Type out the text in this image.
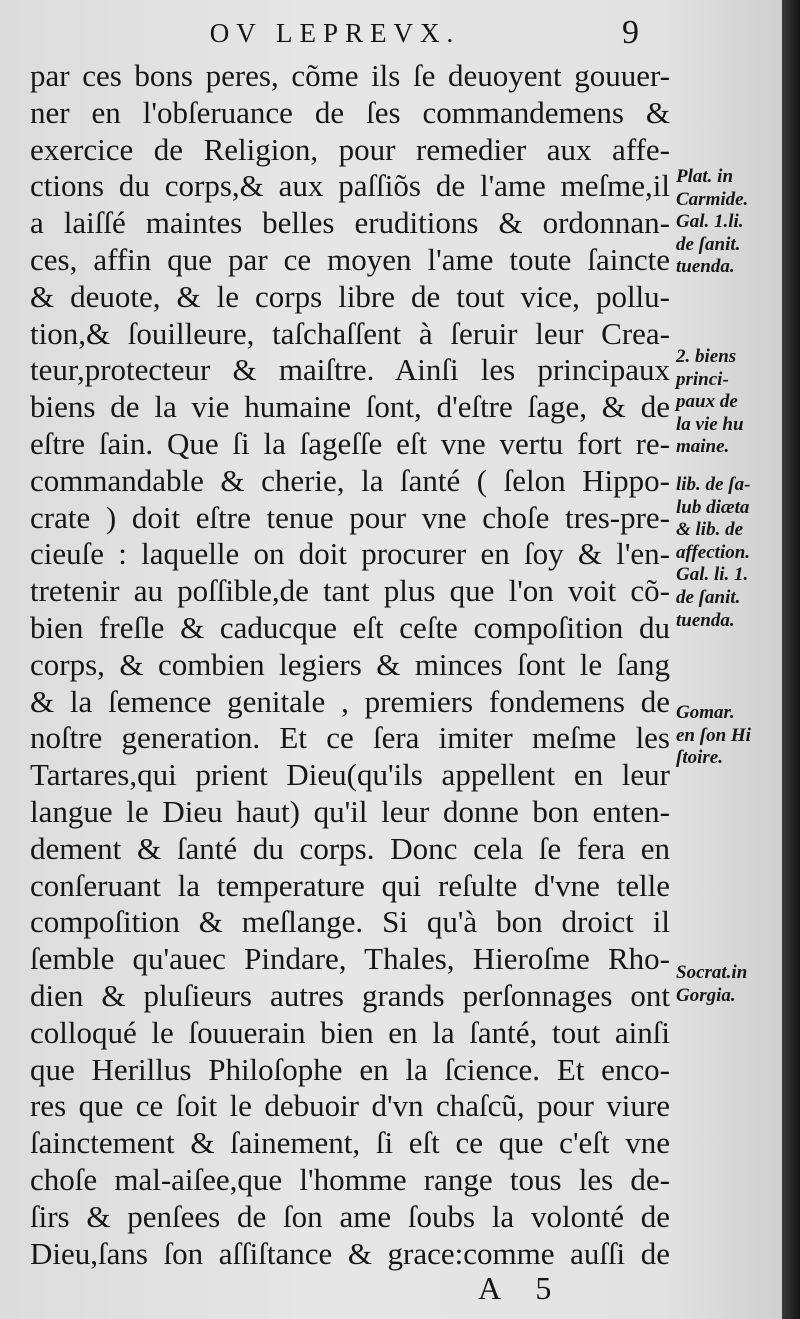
OV LEPREVX.	9
par ces bons peres, cõme ils ſe deuoyent gouuer-
ner en l'obſeruance de ſes commandemens &
exercice de Religion, pour remedier aux affe-
ctions du corps,& aux paſſiõs de l'ame meſme,il
a laiſſé maintes belles eruditions & ordonnan-
ces, affin que par ce moyen l'ame toute ſaincte
& deuote, & le corps libre de tout vice, pollu-
tion,& ſouilleure, taſchaſſent à ſeruir leur Crea-
teur,protecteur & maiſtre. Ainſi les principaux
biens de la vie humaine ſont, d'eſtre ſage, & de
eſtre ſain. Que ſi la ſageſſe eſt vne vertu fort re-
commandable & cherie, la ſanté ( ſelon Hippo-
crate ) doit eſtre tenue pour vne choſe tres-pre-
cieuſe : laquelle on doit procurer en ſoy & l'en-
tretenir au poſſible,de tant plus que l'on voit cõ-
bien freſle & caducque eſt ceſte compoſition du
corps, & combien legiers & minces ſont le ſang
& la ſemence genitale , premiers fondemens de
noſtre generation. Et ce ſera imiter meſme les
Tartares,qui prient Dieu(qu'ils appellent en leur
langue le Dieu haut) qu'il leur donne bon enten-
dement & ſanté du corps. Donc cela ſe fera en
conſeruant la temperature qui reſulte d'vne telle
compoſition & meſlange. Si qu'à bon droict il
ſemble qu'auec Pindare, Thales, Hieroſme Rho-
dien & pluſieurs autres grands perſonnages ont
colloqué le ſouuerain bien en la ſanté, tout ainſi
que Herillus Philoſophe en la ſcience. Et enco-
res que ce ſoit le debuoir d'vn chaſcũ, pour viure
ſainctement & ſainement, ſi eſt ce que c'eſt vne
choſe mal-aiſee,que l'homme range tous les de-
ſirs & penſees de ſon ame ſoubs la volonté de
Dieu,ſans ſon aſſiſtance & grace:comme auſſi de
Plat. in
Carmide.
Gal. 1.li.
de ſanit.
tuenda.
2. biens
princi-
paux de
la vie hu
maine.
lib. de ſa-
lub diæta
& lib. de
affection.
Gal. li. 1.
de ſanit.
tuenda.
Gomar.
en ſon Hi
ſtoire.
Socrat.in
Gorgia.
A 5
